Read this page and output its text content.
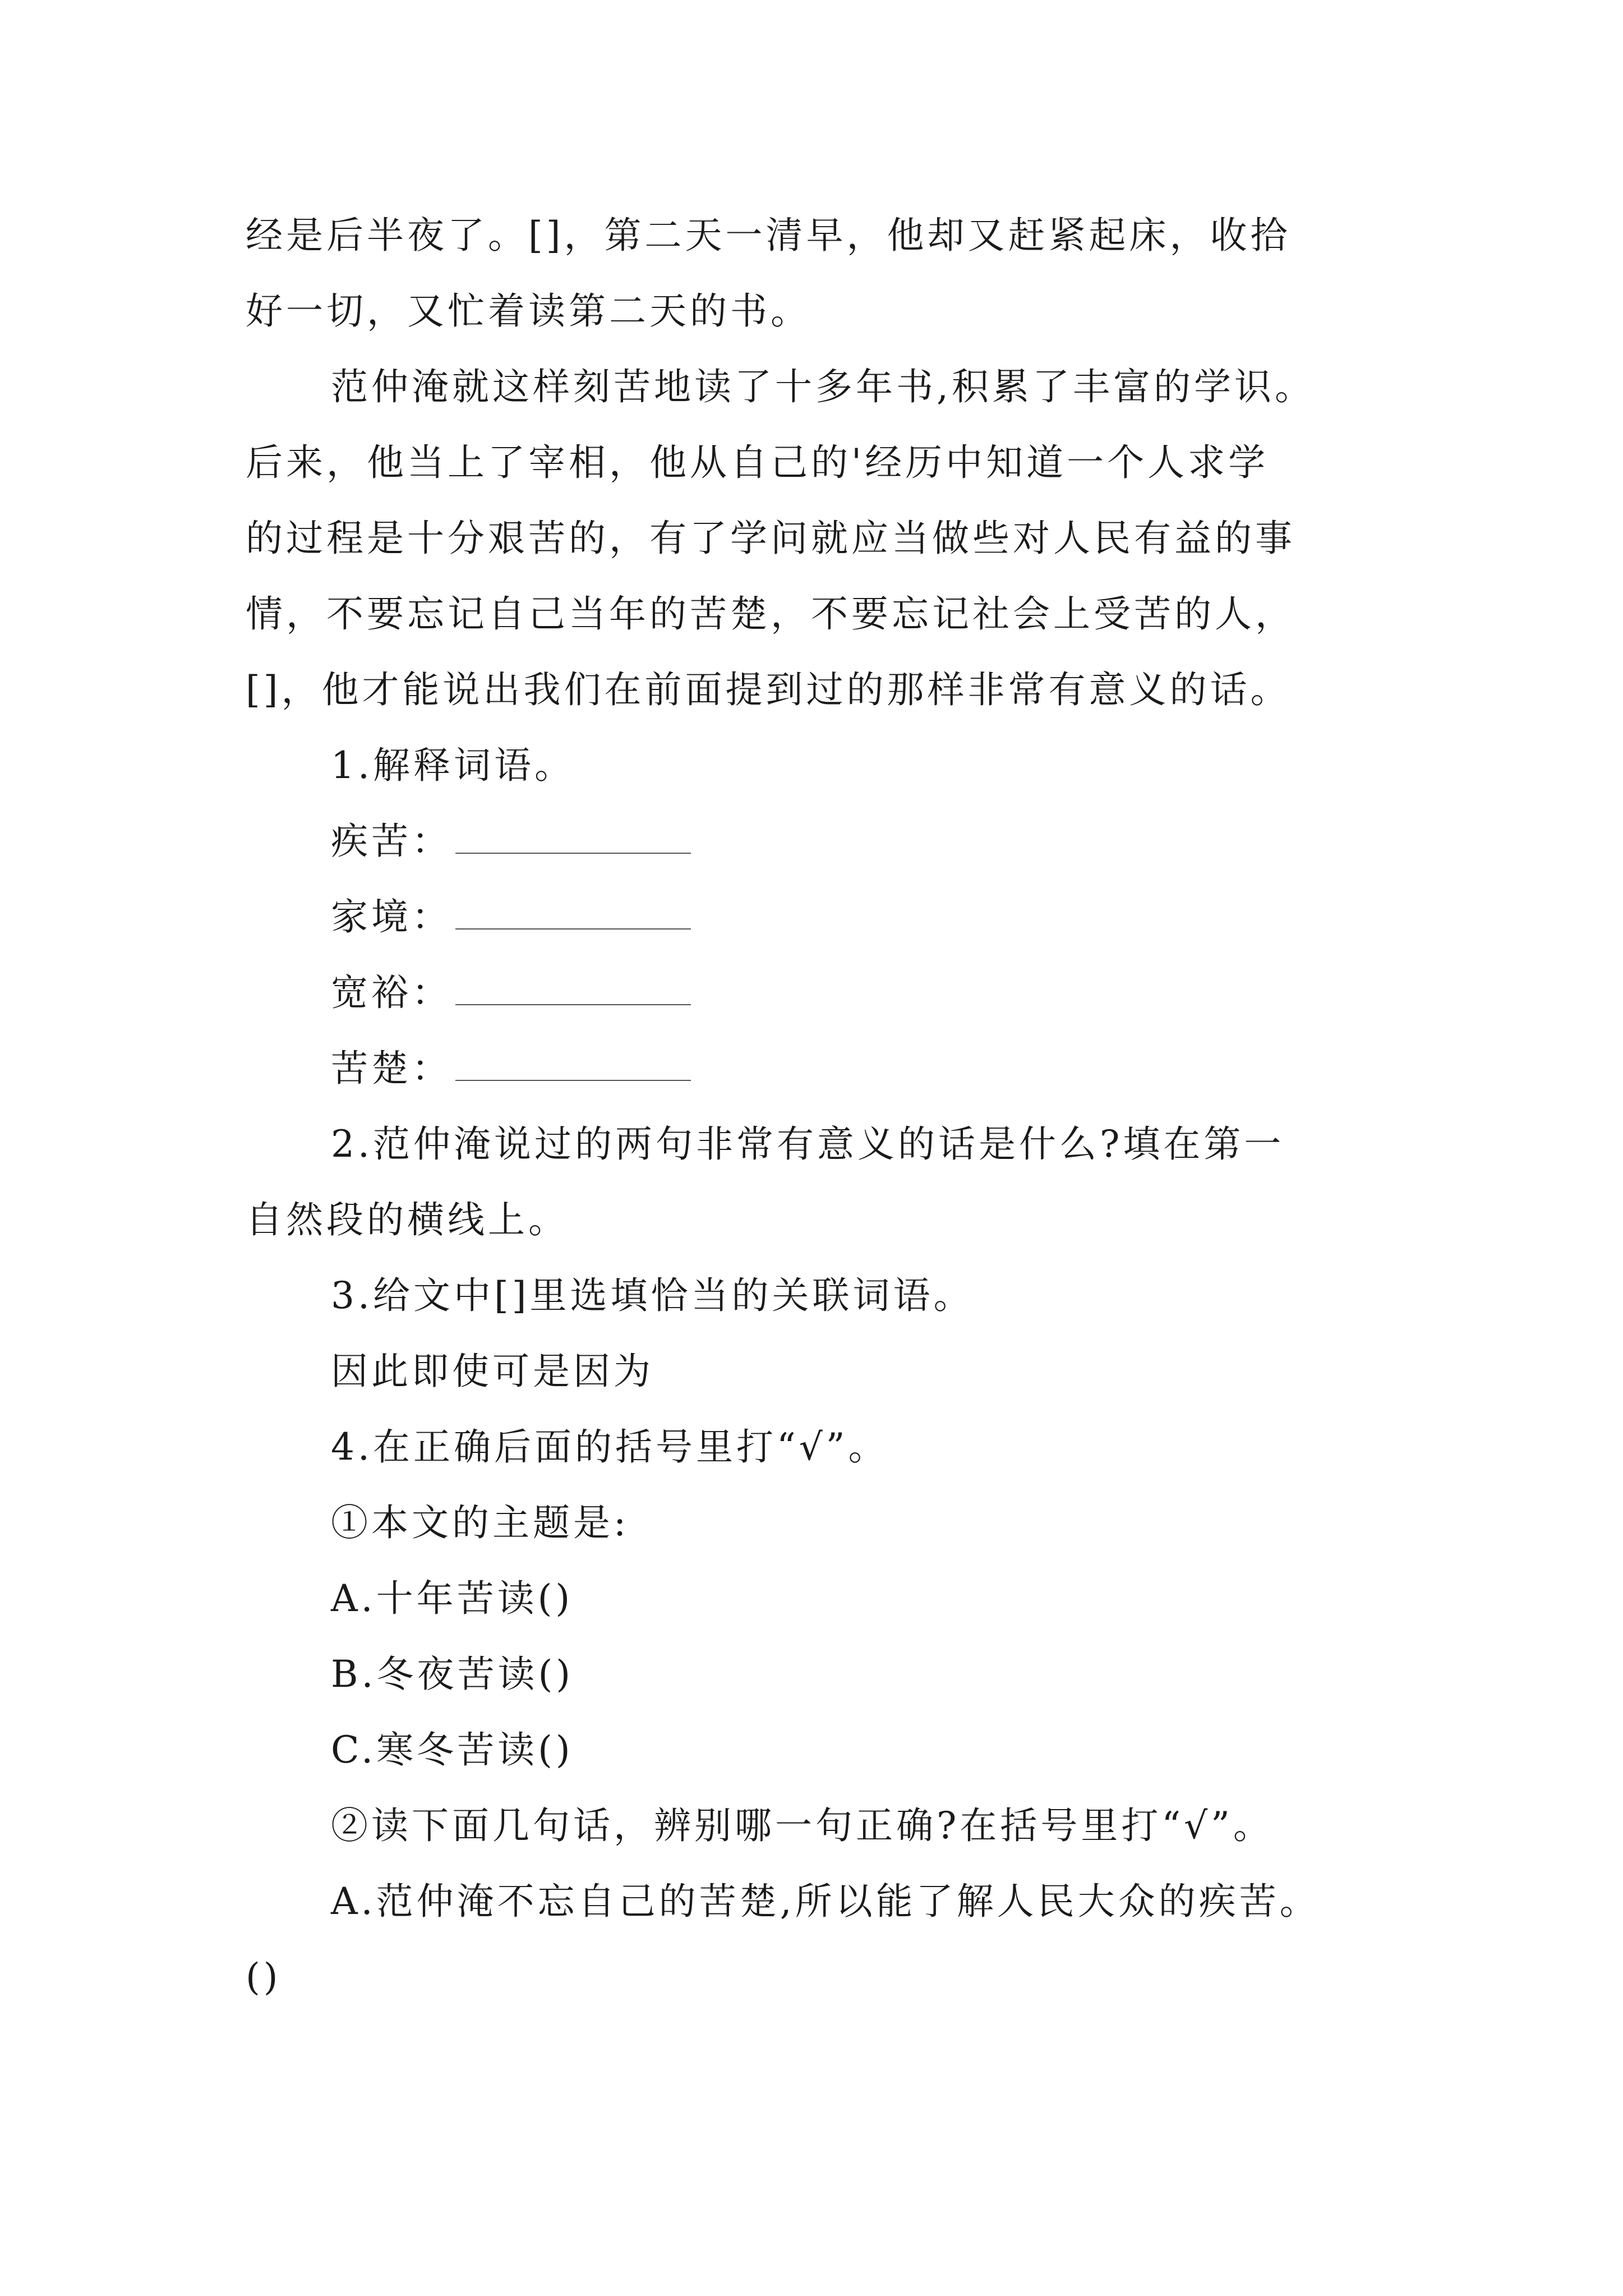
经是后半夜了。[]，第二天一清早，他却又赶紧起床，收拾
好一切，又忙着读第二天的书。
范仲淹就这样刻苦地读了十多年书,积累了丰富的学识。
后来，他当上了宰相，他从自己的'经历中知道一个人求学
的过程是十分艰苦的，有了学问就应当做些对人民有益的事
情，不要忘记自己当年的苦楚，不要忘记社会上受苦的人，
[]，他才能说出我们在前面提到过的那样非常有意义的话。
1.解释词语。
疾苦：
家境：
宽裕：
苦楚：
2.范仲淹说过的两句非常有意义的话是什么?填在第一
自然段的横线上。
3.给文中[]里选填恰当的关联词语。
因此即使可是因为
4.在正确后面的括号里打“√”。
①本文的主题是:
A.十年苦读()
B.冬夜苦读()
C.寒冬苦读()
②读下面几句话，辨别哪一句正确?在括号里打“√”。
A.范仲淹不忘自己的苦楚,所以能了解人民大众的疾苦。
()
